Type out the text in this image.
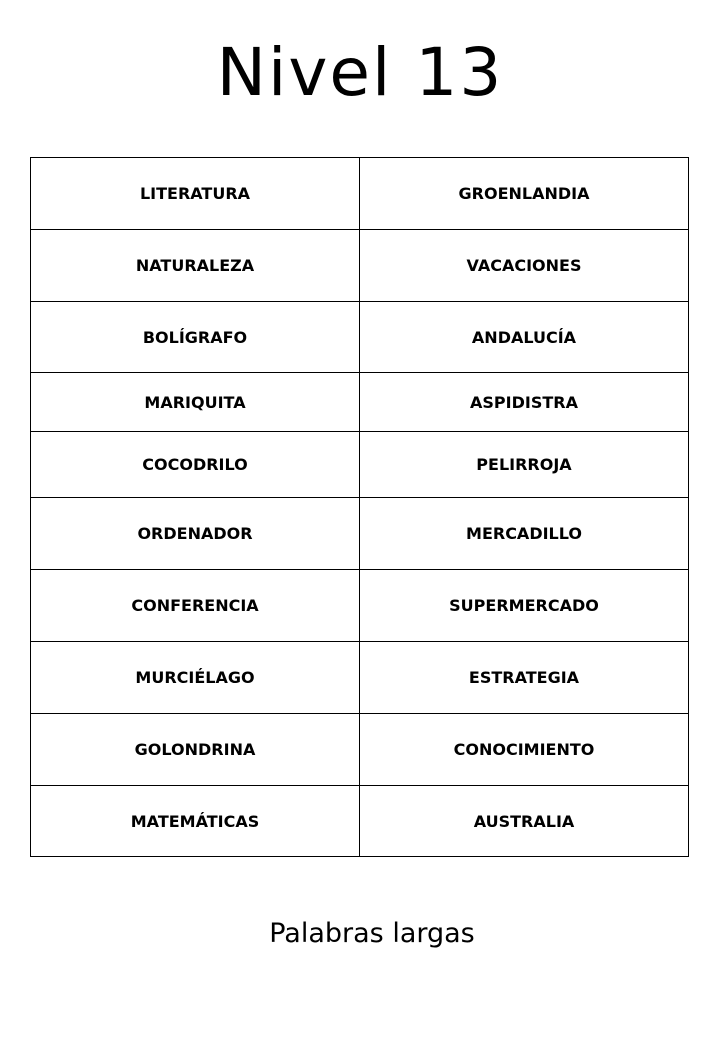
Nivel 13
LITERATURA	GROENLANDIA
NATURALEZA	VACACIONES
BOLÍGRAFO	ANDALUCÍA
MARIQUITA	ASPIDISTRA
COCODRILO	PELIRROJA
ORDENADOR	MERCADILLO
CONFERENCIA	SUPERMERCADO
MURCIÉLAGO	ESTRATEGIA
GOLONDRINA	CONOCIMIENTO
MATEMÁTICAS	AUSTRALIA

Palabras largas
